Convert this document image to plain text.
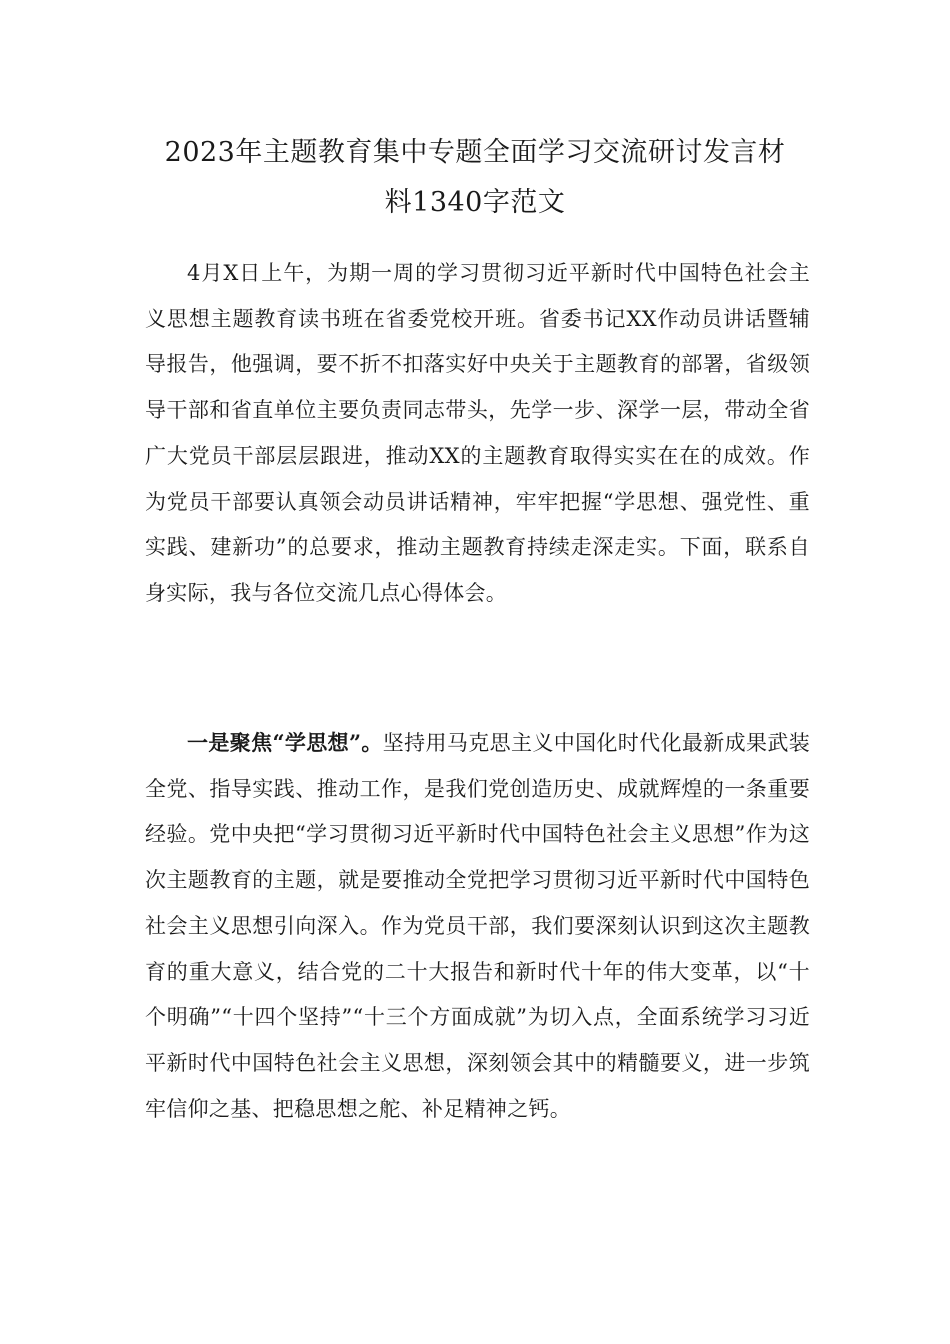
2023年主题教育集中专题全面学习交流研讨发言材
料1340字范文

4月X日上午，为期一周的学习贯彻习近平新时代中国特色社会主义思想主题教育读书班在省委党校开班。省委书记XX作动员讲话暨辅导报告，他强调，要不折不扣落实好中央关于主题教育的部署，省级领导干部和省直单位主要负责同志带头，先学一步、深学一层，带动全省广大党员干部层层跟进，推动XX的主题教育取得实实在在的成效。作为党员干部要认真领会动员讲话精神，牢牢把握“学思想、强党性、重实践、建新功”的总要求，推动主题教育持续走深走实。下面，联系自身实际，我与各位交流几点心得体会。

一是聚焦“学思想”。坚持用马克思主义中国化时代化最新成果武装全党、指导实践、推动工作，是我们党创造历史、成就辉煌的一条重要经验。党中央把“学习贯彻习近平新时代中国特色社会主义思想”作为这次主题教育的主题，就是要推动全党把学习贯彻习近平新时代中国特色社会主义思想引向深入。作为党员干部，我们要深刻认识到这次主题教育的重大意义，结合党的二十大报告和新时代十年的伟大变革，以“十个明确”“十四个坚持”“十三个方面成就”为切入点，全面系统学习习近平新时代中国特色社会主义思想，深刻领会其中的精髓要义，进一步筑牢信仰之基、把稳思想之舵、补足精神之钙。
